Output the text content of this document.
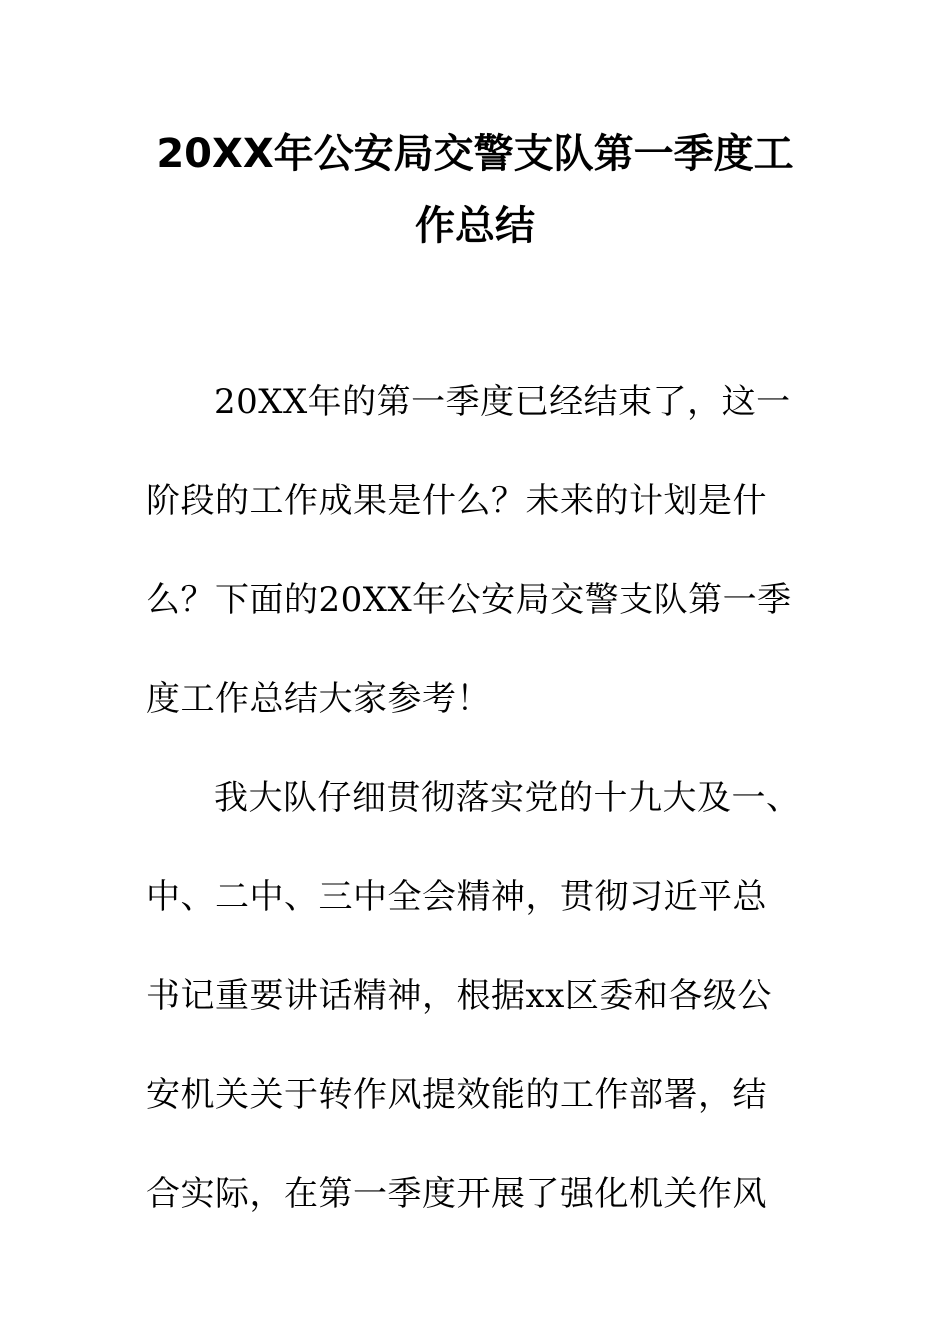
20XX年公安局交警支队第一季度工
作总结
20XX年的第一季度已经结束了，这一
阶段的工作成果是什么？未来的计划是什
么？下面的20XX年公安局交警支队第一季
度工作总结大家参考！
我大队仔细贯彻落实党的十九大及一、
中、二中、三中全会精神，贯彻习近平总
书记重要讲话精神，根据xx区委和各级公
安机关关于转作风提效能的工作部署，结
合实际，在第一季度开展了强化机关作风
